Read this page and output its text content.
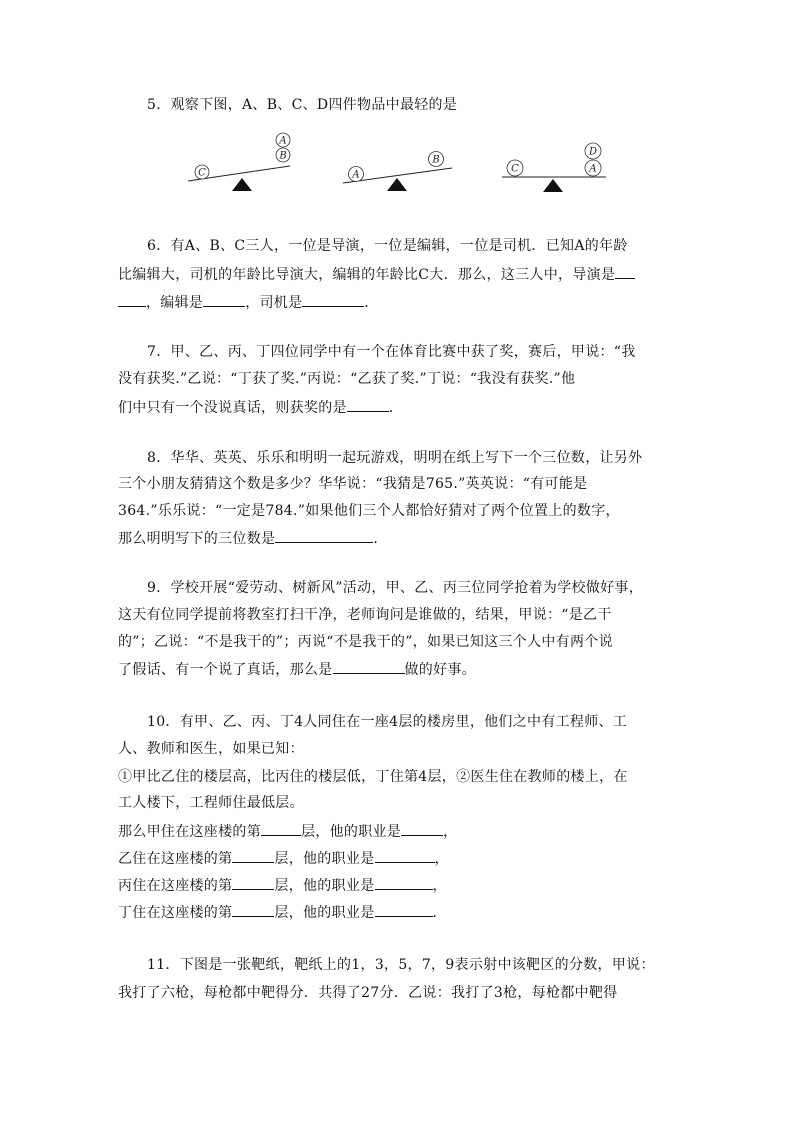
5．观察下图，A、B、C、D四件物品中最轻的是
C
B
A
A
B
C	A
D
6．有A、B、C三人，一位是导演，一位是编辑，一位是司机．已知A的年龄
比编辑大，司机的年龄比导演大，编辑的年龄比C大．那么，这三人中，导演是
，编辑是	，司机是	．
7．甲、乙、丙、丁四位同学中有一个在体育比赛中获了奖，赛后，甲说：“我
没有获奖.”乙说：“丁获了奖.”丙说：“乙获了奖.”丁说：“我没有获奖.”他
们中只有一个没说真话，则获奖的是	．
8．华华、英英、乐乐和明明一起玩游戏，明明在纸上写下一个三位数，让另外
三个小朋友猜猜这个数是多少？华华说：“我猜是765.”英英说：“有可能是
364.”乐乐说：“一定是784.”如果他们三个人都恰好猜对了两个位置上的数字，
那么明明写下的三位数是	．
9．学校开展“爱劳动、树新风”活动，甲、乙、丙三位同学抢着为学校做好事，
这天有位同学提前将教室打扫干净，老师询问是谁做的，结果，甲说：“是乙干
的”；乙说：“不是我干的”；丙说“不是我干的”，如果已知这三个人中有两个说
了假话、有一个说了真话，那么是	做的好事。
10．有甲、乙、丙、丁4人同住在一座4层的楼房里，他们之中有工程师、工
人、教师和医生，如果已知：
①甲比乙住的楼层高，比丙住的楼层低，丁住第4层，②医生住在教师的楼上，在
工人楼下，工程师住最低层。
那么甲住在这座楼的第	层，他的职业是	，
乙住在这座楼的第	层，他的职业是	，
丙住在这座楼的第	层，他的职业是	，
丁住在这座楼的第	层，他的职业是	．
11．下图是一张靶纸，靶纸上的1，3，5，7，9表示射中该靶区的分数，甲说：
我打了六枪，每枪都中靶得分．共得了27分．乙说：我打了3枪，每枪都中靶得
